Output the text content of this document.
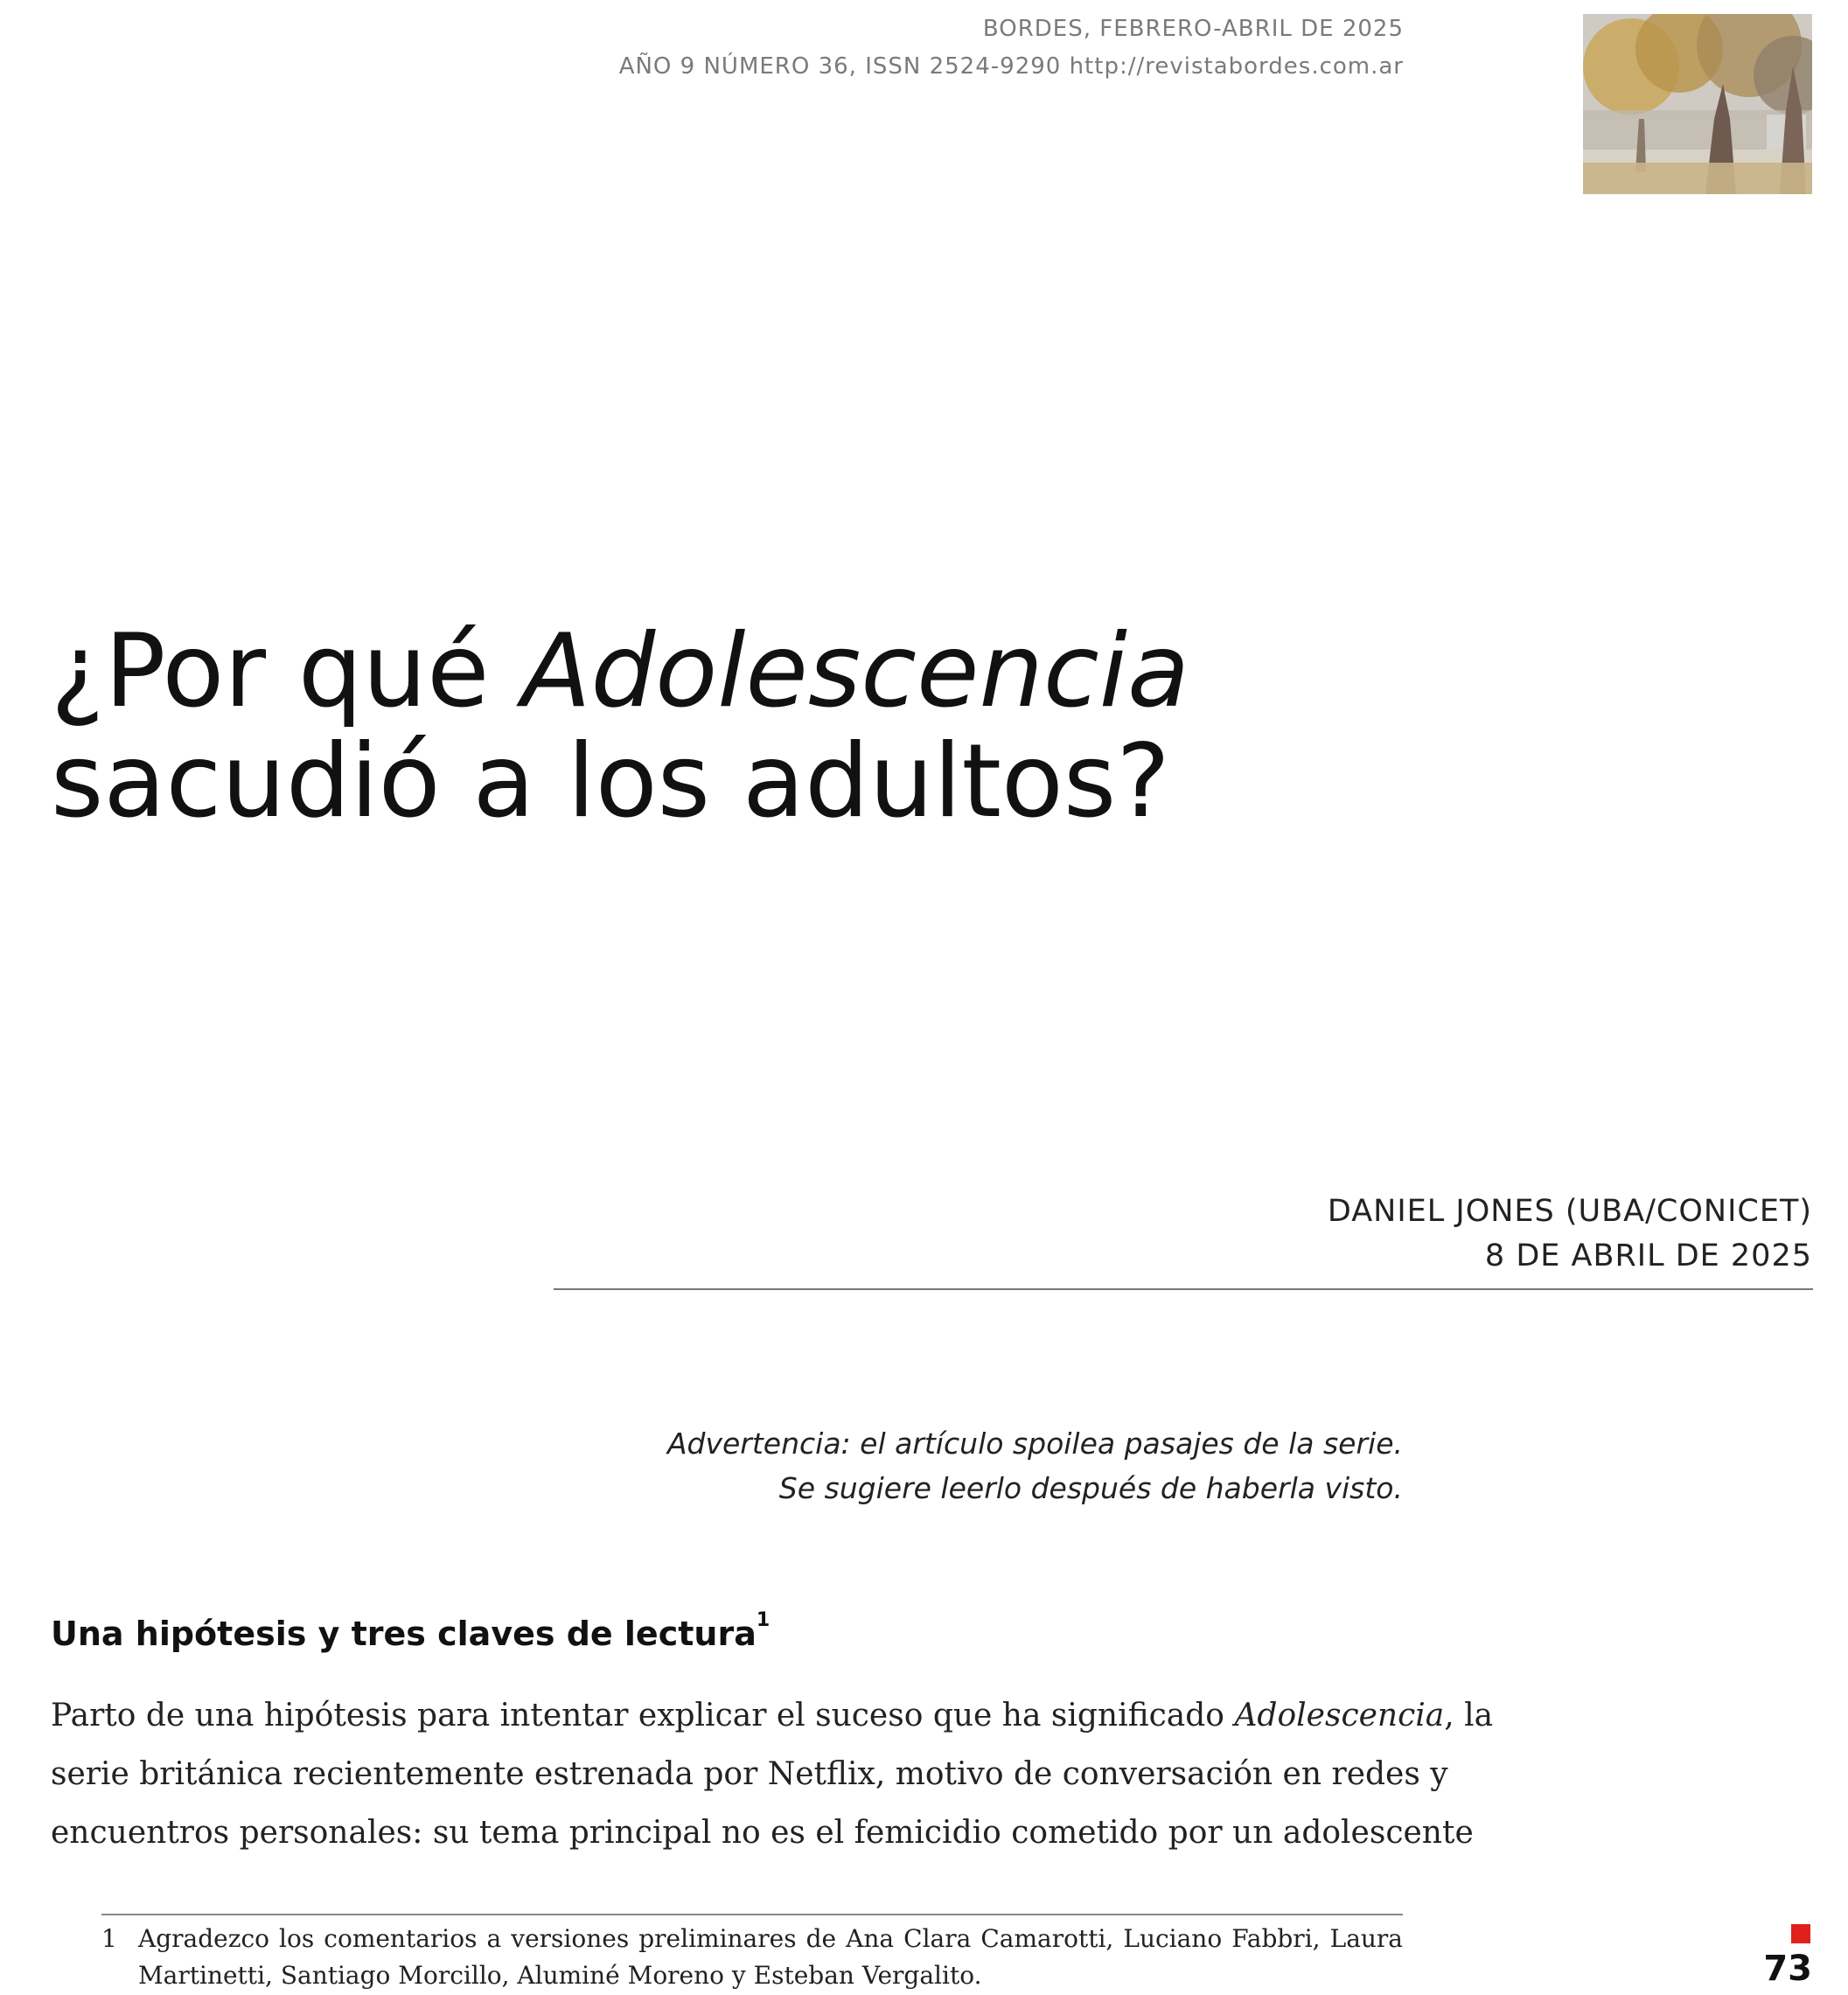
BORDES, FEBRERO-ABRIL DE 2025
AÑO 9 NÚMERO 36, ISSN 2524-9290 http://revistabordes.com.ar
¿Por qué Adolescencia
sacudió a los adultos?
DANIEL JONES (UBA/CONICET)
8 DE ABRIL DE 2025
Advertencia: el artículo spoilea pasajes de la serie.
Se sugiere leerlo después de haberla visto.
Una hipótesis y tres claves de lectura$^1$

Parto de una hipótesis para intentar explicar el suceso que ha significado Adolescencia, la
serie británica recientemente estrenada por Netflix, motivo de conversación en redes y
encuentros personales: su tema principal no es el femicidio cometido por un adolescente

1 Agradezco los comentarios a versiones preliminares de Ana Clara Camarotti, Luciano Fabbri, Laura Martinetti, Santiago Morcillo, Aluminé Moreno y Esteban Vergalito.	73
